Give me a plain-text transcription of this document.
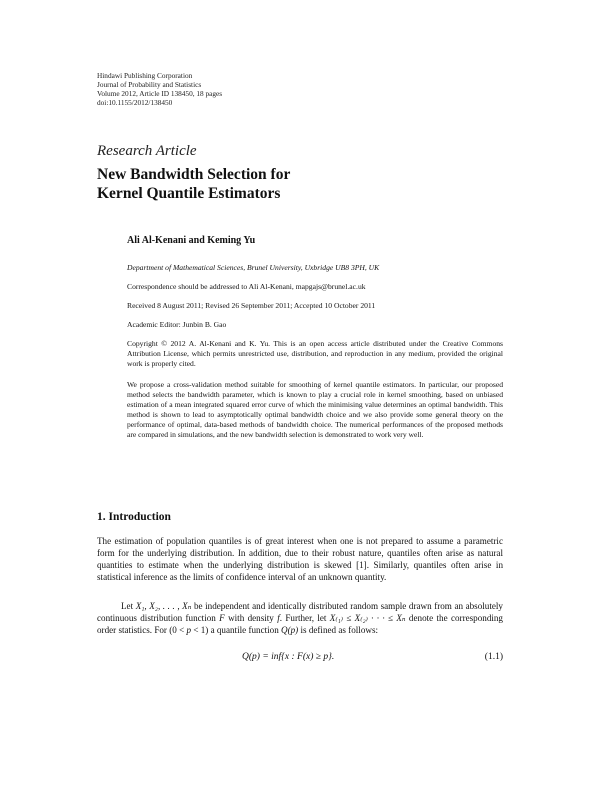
Hindawi Publishing Corporation
Journal of Probability and Statistics
Volume 2012, Article ID 138450, 18 pages
doi:10.1155/2012/138450
Research Article
New Bandwidth Selection for
Kernel Quantile Estimators
Ali Al-Kenani and Keming Yu
Department of Mathematical Sciences, Brunel University, Uxbridge UB8 3PH, UK
Correspondence should be addressed to Ali Al-Kenani, mapgajs@brunel.ac.uk
Received 8 August 2011; Revised 26 September 2011; Accepted 10 October 2011
Academic Editor: Junbin B. Gao
Copyright © 2012 A. Al-Kenani and K. Yu. This is an open access article distributed under the Creative Commons Attribution License, which permits unrestricted use, distribution, and reproduction in any medium, provided the original work is properly cited.
We propose a cross-validation method suitable for smoothing of kernel quantile estimators. In particular, our proposed method selects the bandwidth parameter, which is known to play a crucial role in kernel smoothing, based on unbiased estimation of a mean integrated squared error curve of which the minimising value determines an optimal bandwidth. This method is shown to lead to asymptotically optimal bandwidth choice and we also provide some general theory on the performance of optimal, data-based methods of bandwidth choice. The numerical performances of the proposed methods are compared in simulations, and the new bandwidth selection is demonstrated to work very well.
1. Introduction
The estimation of population quantiles is of great interest when one is not prepared to assume a parametric form for the underlying distribution. In addition, due to their robust nature, quantiles often arise as natural quantities to estimate when the underlying distribution is skewed [1]. Similarly, quantiles often arise in statistical inference as the limits of confidence interval of an unknown quantity.
Let X₁, X₂, . . . , Xₙ be independent and identically distributed random sample drawn from an absolutely continuous distribution function F with density f. Further, let X₍₁₎ ≤ X₍₂₎ · · · ≤ Xₙ denote the corresponding order statistics. For (0 < p < 1) a quantile function Q(p) is defined as follows:
Q(p) = inf{x : F(x) ≥ p}.	(1.1)
